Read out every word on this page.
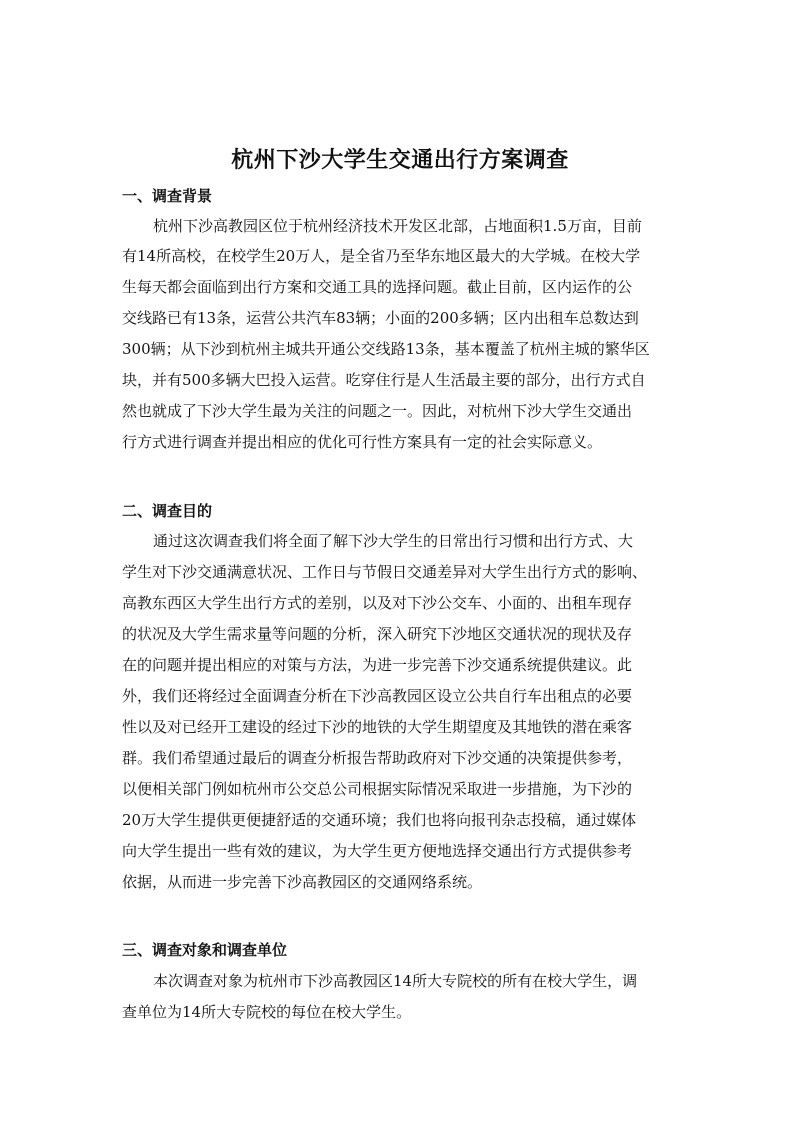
杭州下沙大学生交通出行方案调查
一、调查背景
杭州下沙高教园区位于杭州经济技术开发区北部，占地面积1.5万亩，目前
有14所高校，在校学生20万人，是全省乃至华东地区最大的大学城。在校大学
生每天都会面临到出行方案和交通工具的选择问题。截止目前，区内运作的公
交线路已有13条，运营公共汽车83辆；小面的200多辆；区内出租车总数达到
300辆；从下沙到杭州主城共开通公交线路13条，基本覆盖了杭州主城的繁华区
块，并有500多辆大巴投入运营。吃穿住行是人生活最主要的部分，出行方式自
然也就成了下沙大学生最为关注的问题之一。因此，对杭州下沙大学生交通出
行方式进行调查并提出相应的优化可行性方案具有一定的社会实际意义。
二、调查目的
通过这次调查我们将全面了解下沙大学生的日常出行习惯和出行方式、大
学生对下沙交通满意状况、工作日与节假日交通差异对大学生出行方式的影响、
高教东西区大学生出行方式的差别，以及对下沙公交车、小面的、出租车现存
的状况及大学生需求量等问题的分析，深入研究下沙地区交通状况的现状及存
在的问题并提出相应的对策与方法，为进一步完善下沙交通系统提供建议。此
外，我们还将经过全面调查分析在下沙高教园区设立公共自行车出租点的必要
性以及对已经开工建设的经过下沙的地铁的大学生期望度及其地铁的潜在乘客
群。我们希望通过最后的调查分析报告帮助政府对下沙交通的决策提供参考，
以便相关部门例如杭州市公交总公司根据实际情况采取进一步措施，为下沙的
20万大学生提供更便捷舒适的交通环境；我们也将向报刊杂志投稿，通过媒体
向大学生提出一些有效的建议，为大学生更方便地选择交通出行方式提供参考
依据，从而进一步完善下沙高教园区的交通网络系统。
三、调查对象和调查单位
本次调查对象为杭州市下沙高教园区14所大专院校的所有在校大学生，调
查单位为14所大专院校的每位在校大学生。
